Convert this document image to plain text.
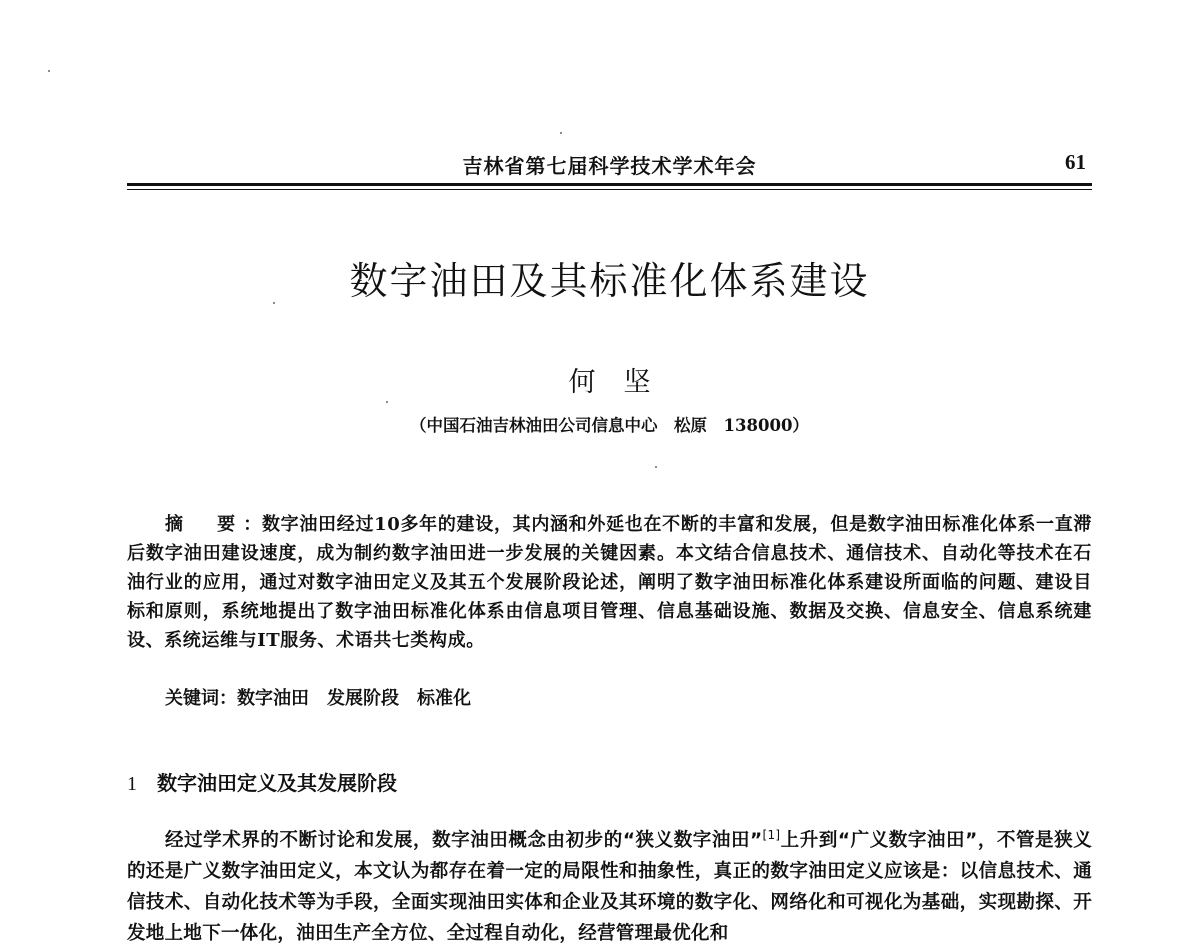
吉林省第七届科学技术学术年会	61
数字油田及其标准化体系建设
何坚
（中国石油吉林油田公司信息中心　松原　138000）

摘　要：数字油田经过10多年的建设，其内涵和外延也在不断的丰富和发展，但是数字油田标准化体系一直滞后数字油田建设速度，成为制约数字油田进一步发展的关键因素。本文结合信息技术、通信技术、自动化等技术在石油行业的应用，通过对数字油田定义及其五个发展阶段论述，阐明了数字油田标准化体系建设所面临的问题、建设目标和原则，系统地提出了数字油田标准化体系由信息项目管理、信息基础设施、数据及交换、信息安全、信息系统建设、系统运维与IT服务、术语共七类构成。

关键词：数字油田　发展阶段　标准化
1 数字油田定义及其发展阶段

经过学术界的不断讨论和发展，数字油田概念由初步的“狭义数字油田”[1]上升到“广义数字油田”，不管是狭义的还是广义数字油田定义，本文认为都存在着一定的局限性和抽象性，真正的数字油田定义应该是：以信息技术、通信技术、自动化技术等为手段，全面实现油田实体和企业及其环境的数字化、网络化和可视化为基础，实现勘探、开发地上地下一体化，油田生产全方位、全过程自动化，经营管理最优化和
